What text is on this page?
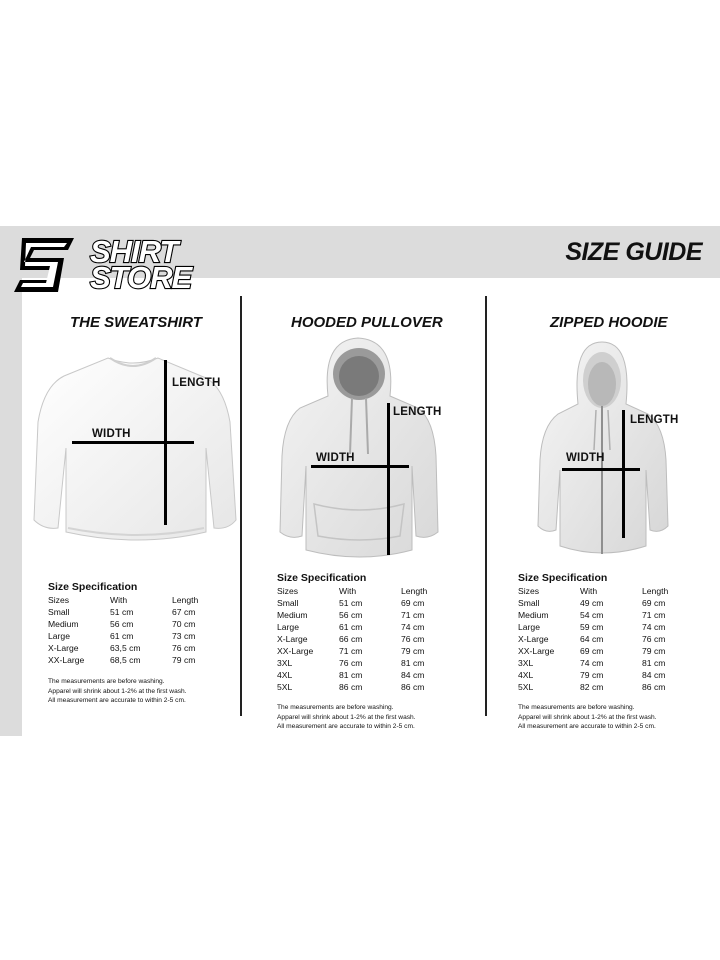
SHIRT
STORE
SIZE GUIDE
THE SWEATSHIRT
WIDTH
LENGTH
Size Specification
Sizes	With	Length
Small	51 cm	67 cm
Medium	56 cm	70 cm
Large	61 cm	73 cm
X-Large	63,5 cm	76 cm
XX-Large	68,5 cm	79 cm
The measurements are before washing.
Apparel will shrink about 1-2% at the first wash.
All measurement are accurate to within 2-5 cm.
HOODED PULLOVER
WIDTH
LENGTH
Size Specification
Sizes	With	Length
Small	51 cm	69 cm
Medium	56 cm	71 cm
Large	61 cm	74 cm
X-Large	66 cm	76 cm
XX-Large	71 cm	79 cm
3XL	76 cm	81 cm
4XL	81 cm	84 cm
5XL	86 cm	86 cm
The measurements are before washing.
Apparel will shrink about 1-2% at the first wash.
All measurement are accurate to within 2-5 cm.
ZIPPED HOODIE
WIDTH
LENGTH
Size Specification
Sizes	With	Length
Small	49 cm	69 cm
Medium	54 cm	71 cm
Large	59 cm	74 cm
X-Large	64 cm	76 cm
XX-Large	69 cm	79 cm
3XL	74 cm	81 cm
4XL	79 cm	84 cm
5XL	82 cm	86 cm
The measurements are before washing.
Apparel will shrink about 1-2% at the first wash.
All measurement are accurate to within 2-5 cm.
